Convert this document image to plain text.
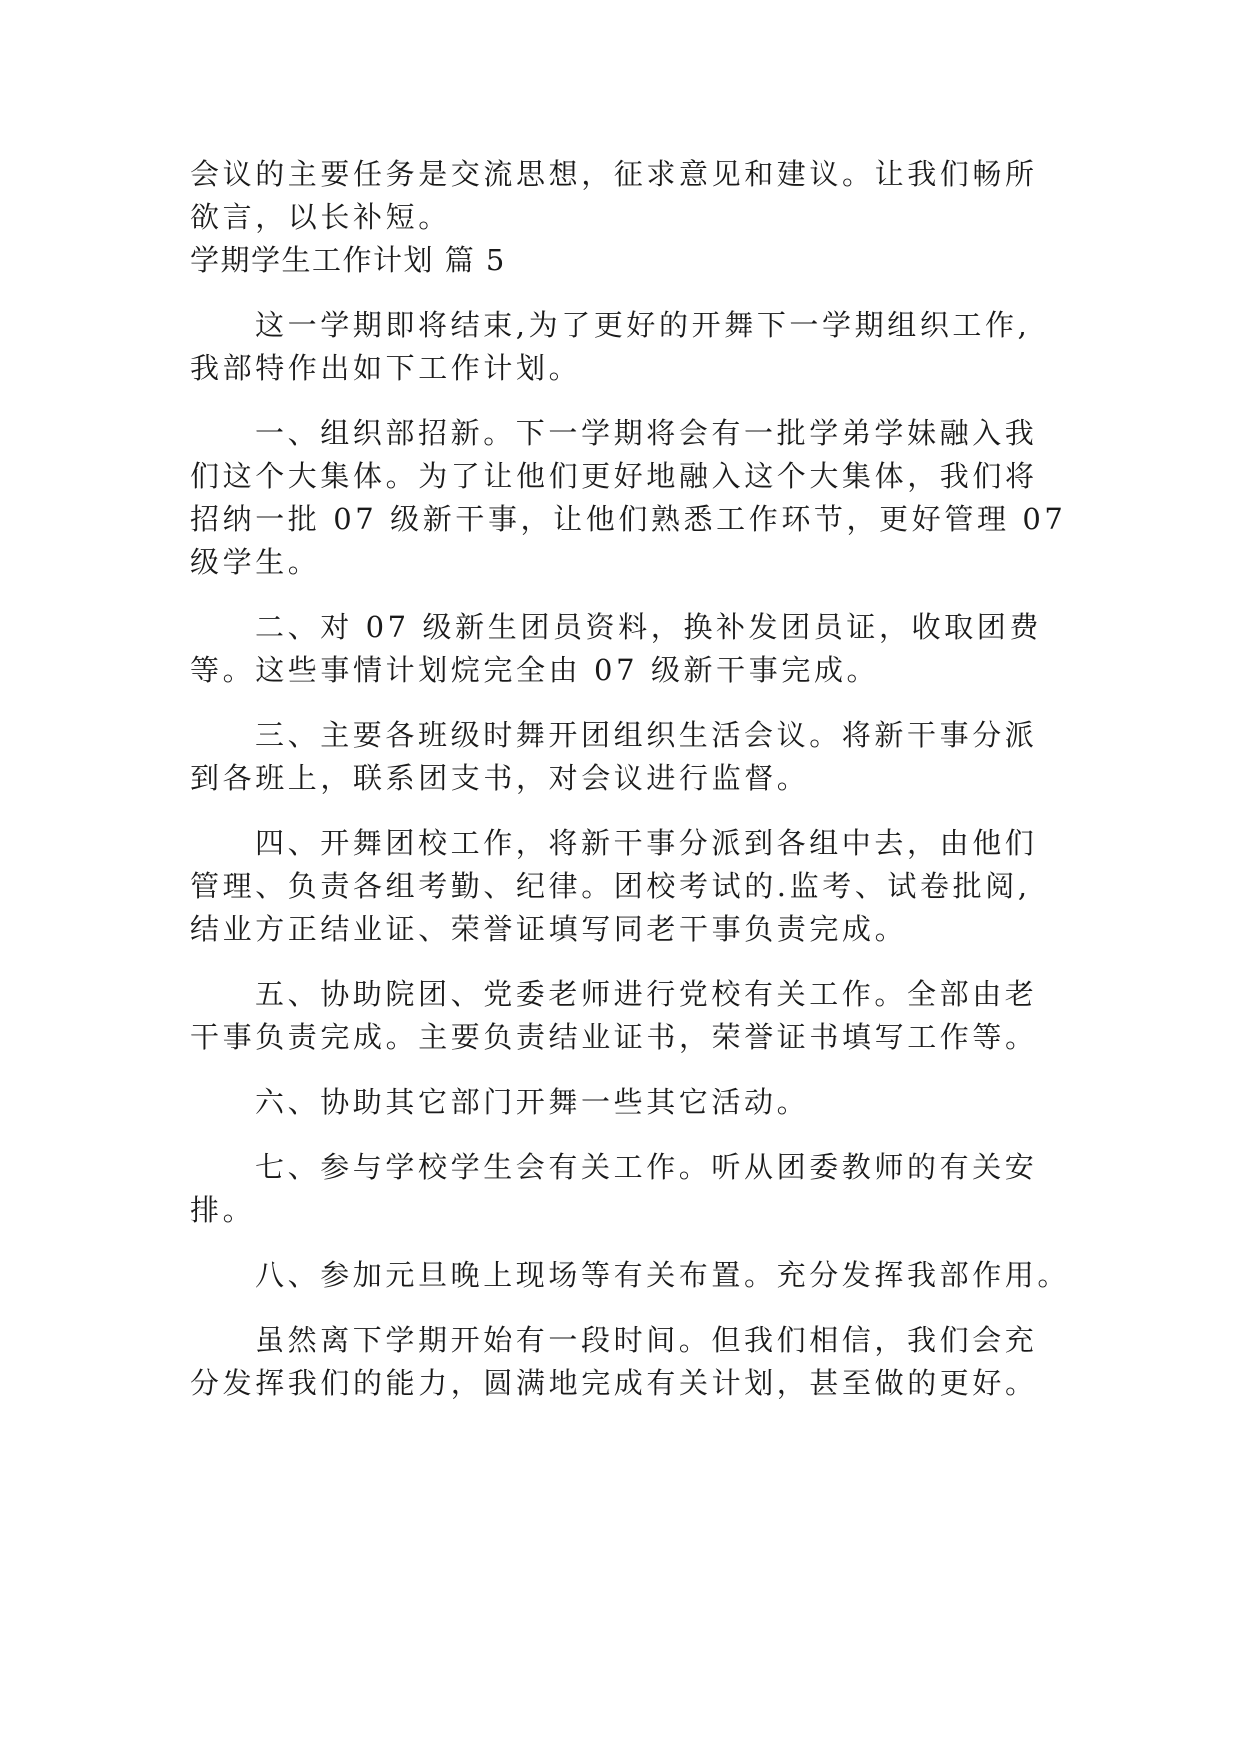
会议的主要任务是交流思想，征求意见和建议。让我们畅所

欲言，以长补短。

学期学生工作计划 篇 5

这一学期即将结束,为了更好的开舞下一学期组织工作,

我部特作出如下工作计划。

一、组织部招新。下一学期将会有一批学弟学妹融入我

们这个大集体。为了让他们更好地融入这个大集体，我们将

招纳一批 07 级新干事，让他们熟悉工作环节，更好管理 07

级学生。

二、对 07 级新生团员资料，换补发团员证，收取团费

等。这些事情计划烷完全由 07 级新干事完成。

三、主要各班级时舞开团组织生活会议。将新干事分派

到各班上，联系团支书，对会议进行监督。

四、开舞团校工作，将新干事分派到各组中去，由他们

管理、负责各组考勤、纪律。团校考试的.监考、试卷批阅,

结业方正结业证、荣誉证填写同老干事负责完成。

五、协助院团、党委老师进行党校有关工作。全部由老

干事负责完成。主要负责结业证书，荣誉证书填写工作等。

六、协助其它部门开舞一些其它活动。

七、参与学校学生会有关工作。听从团委教师的有关安

排。

八、参加元旦晚上现场等有关布置。充分发挥我部作用。

虽然离下学期开始有一段时间。但我们相信，我们会充

分发挥我们的能力，圆满地完成有关计划，甚至做的更好。
